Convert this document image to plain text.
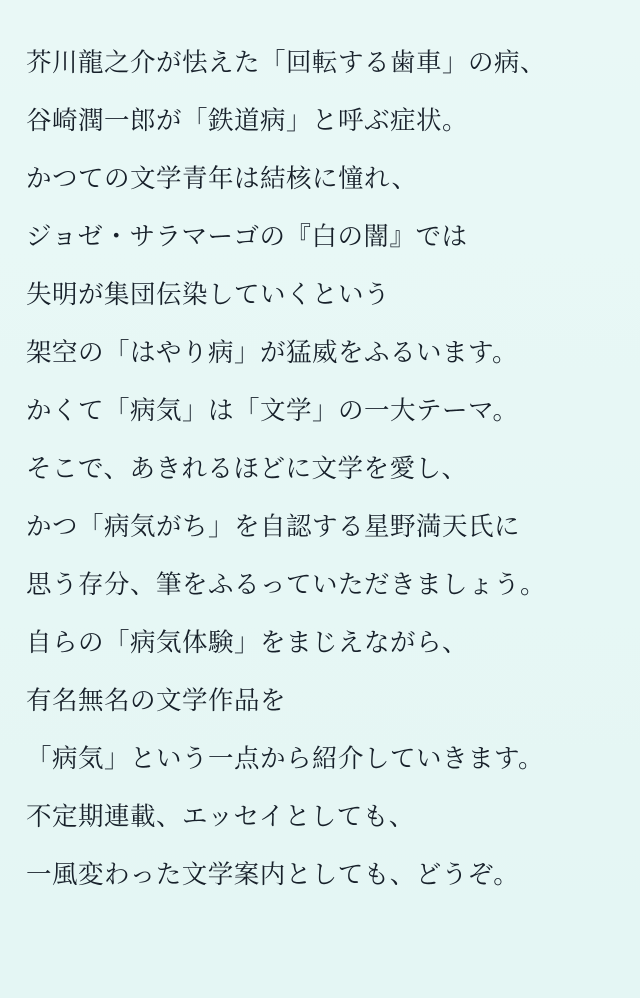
芥川龍之介が怯えた「回転する歯車」の病、
谷崎潤一郎が「鉄道病」と呼ぶ症状。
かつての文学青年は結核に憧れ、
ジョゼ・サラマーゴの『白の闇』では
失明が集団伝染していくという
架空の「はやり病」が猛威をふるいます。
かくて「病気」は「文学」の一大テーマ。
そこで、あきれるほどに文学を愛し、
かつ「病気がち」を自認する星野満天氏に
思う存分、筆をふるっていただきましょう。
自らの「病気体験」をまじえながら、
有名無名の文学作品を
「病気」という一点から紹介していきます。
不定期連載、エッセイとしても、
一風変わった文学案内としても、どうぞ。
